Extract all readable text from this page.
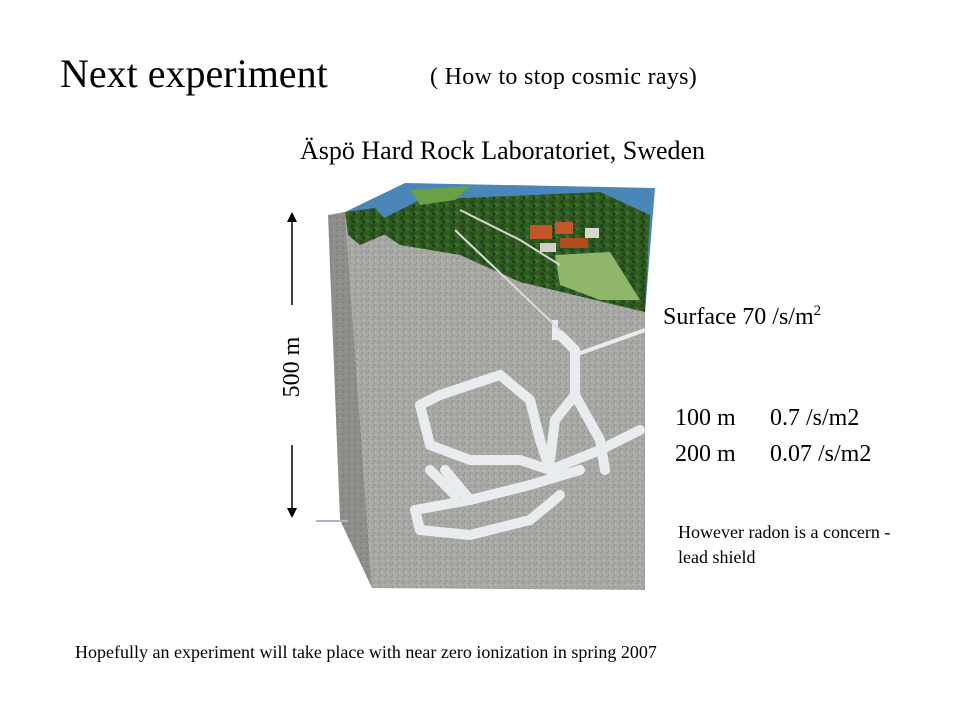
Next experiment	( How to stop cosmic rays)
Äspö Hard Rock Laboratoriet, Sweden
500 m
Surface 70 $/s/m^2$
100 m 0.7 /s/m2
200 m 0.07 /s/m2
However radon is a concern - lead shield
Hopefully an experiment will take place with near zero ionization in spring 2007
